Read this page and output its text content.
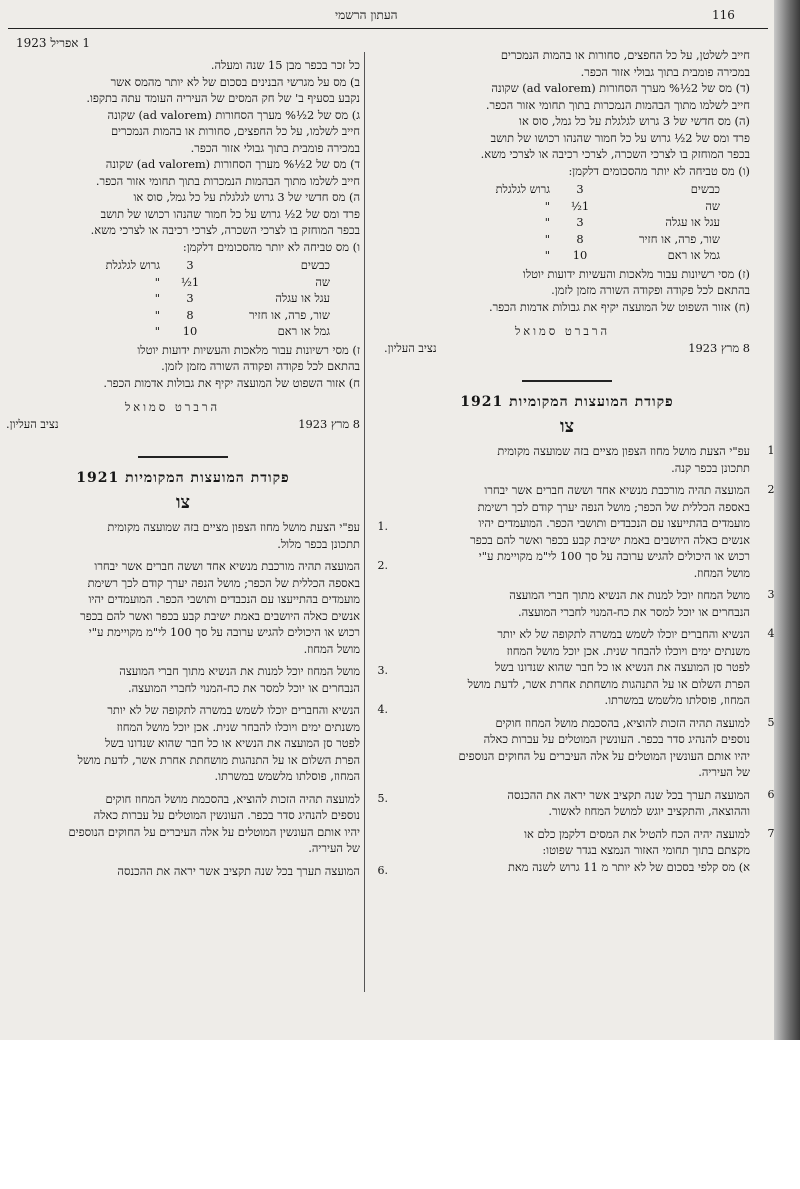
116
העתון הרשמי
1 אפריל 1923
חייב לשלטן, על כל החפצים, סחורות או בהמות הנמכרים
במכירה פומבית בתוך גבולי אזור הכפר.
(ד) מס של 2½% מערך הסחורות (ad valorem) שקונה
חייב לשלמו מתוך הבהמות הנמכרות בתוך תחומי אזור הכפר.
(ה) מס חדשי של 3 גרוש לגלגלת על כל גמל, סוס או
פרד ומס של 2½ גרוש על כל חמור שהנהו רכושו של תושב
בכפר המוחזק בו לצרכי השכרה, לצרכי רכיבה או לצרכי משא.
(ו) מס טביחה לא יותר מהסכומים דלקמן:
כבשים
3
גרוש לגלגלת
שה
1½
"
עגל או עגלה
3
"
שור, פרה, או חזיר
8
"
גמל או ראם
10
"
(ז) מסי רשיונות עבור מלאכות והעשיות ידועות יוטלו
בהתאם לכל פקודה ופקודה השורה מזמן לזמן.
(ח) אזור השפוט של המועצה יקיף את גבולות אדמות הכפר.
הרברט סמואל
8 מרץ 1923
נציב העליון.
פקודת המועצות המקומיות 1921
צו
1
עפ"י הצעת מושל מחוז הצפון מציים בזה שמועצה מקומית
תתכונן בכפר קנה.
2
המועצה תהיה מורכבת מנשיא אחד וששה חברים אשר יבחרו
באספה הכללית של הכפר; מושל הנפה יערך קודם לכך רשימת
מועמדים בהתייעצו עם הנכבדים ותושבי הכפר. המועמדים יהיו
אנשים כאלה היושבים באמת ישיבת קבע בכפר ואשר להם בכפר
רכוש או היכולים להגיש ערובה על סך 100 לי"מ מקויימת ע"י
מושל המחוז.
3
מושל המחוז יוכל למנות את הנשיא מתוך חברי המועצה
הנבחרים או יוכל למסר את כח-המנוי לחברי המועצה.
4
הנשיא והחברים יוכלו לשמש במשרה לתקופה של לא יותר
משנתים ימים ויוכלו להבחר שנית. אכן יוכל מושל המחוז
לפטר סן המועצה את הנשיא או כל חבר שהוא שנדונו בשל
הפרת השלום או על התנהגות מושחתת אחרת אשר, לדעת מושל
המחוז, פוסלתו מלשמש במשרתו.
5
למועצה תהיה הזכות להוציא, בהסכמת מושל המחוז חוקים
נוספים להנהיג סדר בכפר. העונשין המוטלים על עברות כאלה
יהיו אותם העונשין המוטלים על אלה העיברים על החוקים הנוספים
של העיריה.
6
המועצה תערך בכל שנה תקציב אשר יראה את ההכנסה
וההוצאה, והתקציב יוגש למושל המחוז לאשור.
7
למועצה יהיה הכח להטיל את המסים דלקמן כלם או
מקצתם בתוך תחומי האזור הנמצא בגדר שפוטו:
א) מס קלפי בסכום של לא יותר מ 11 גרוש לשנה מאת
כל זכר בכפר מבן 15 שנה ומעלה.
ב) מס על מגרשי הבנינים בסכום של לא יותר מהמס אשר
נקבע בסעיף ב' של חק המסים של העיריה העומד עתה בתקפו.
ג) מס של 2½% מערך הסחורות (ad valorem) שקונה
חייב לשלמו, על כל החפצים, סחורות או בהמות הנמכרים
במכירה פומבית בתוך גבולי אזור הכפר.
ד) מס של 2½% מערך הסחורות (ad valorem) שקונה
חייב לשלמו מתוך הבהמות הנמכרות בתוך תחומי אזור הכפר.
ה) מס חדשי של 3 גרוש לגלגלת על כל גמל, סוס או
פרד ומס של 2½ גרוש על כל חמור שהנהו רכושו של תושב
בכפר המוחזק בו לצרכי השכרה, לצרכי רכיבה או לצרכי משא.
ו) מס טביחה לא יותר מהסכומים דלקמן:
כבשים
3
גרוש לגלגלת
שה
1½
"
עגל או עגלה
3
"
שור, פרה, או חזיר
8
"
גמל או ראם
10
"
ז) מסי רשיונות עבור מלאכות והעשיות ידועות יוטלו
בהתאם לכל פקודה ופקודה השורה מזמן לזמן.
ח) אזור השפוט של המועצה יקיף את גבולות אדמות הכפר.
הרברט סמואל
8 מרץ 1923
נציב העליון.
פקודת המועצות המקומיות 1921
צו
.1
עפ"י הצעת מושל מחוז הצפון מציים בזה שמועצה מקומית
תתכונן בכפר מלול.
.2
המועצה תהיה מורכבת מנשיא אחד וששה חברים אשר יבחרו
באספה הכללית של הכפר; מושל הנפה יערך קודם לכך רשימת
מועמדים בהתייעצו עם הנכבדים ותושבי הכפר. המועמדים יהיו
אנשים כאלה היושבים באמת ישיבת קבע בכפר ואשר להם בכפר
רכוש או היכולים להגיש ערובה על סך 100 לי"מ מקויימת ע"י
מושל המחוז.
.3
מושל המחוז יוכל למנות את הנשיא מתוך חברי המועצה
הנבחרים או יוכל למסר את כח-המנוי לחברי המועצה.
.4
הנשיא והחברים יוכלו לשמש במשרה לתקופה של לא יותר
משנתים ימים ויוכלו להבחר שנית. אכן יוכל מושל המחוז
לפטר סן המועצה את הנשיא או כל חבר שהוא שנדונו בשל
הפרת השלום או על התנהגות מושחתת אחרת אשר, לדעת מושל
המחוז, פוסלתו מלשמש במשרתו.
.5
למועצה תהיה הזכות להוציא, בהסכמת מושל המחוז חוקים
נוספים להנהיג סדר בכפר. העונשין המוטלים על עברות כאלה
יהיו אותם העונשין המוטלים על אלה העיברים על החוקים הנוספים
של העיריה.
.6
המועצה תערך בכל שנה תקציב אשר יראה את ההכנסה
